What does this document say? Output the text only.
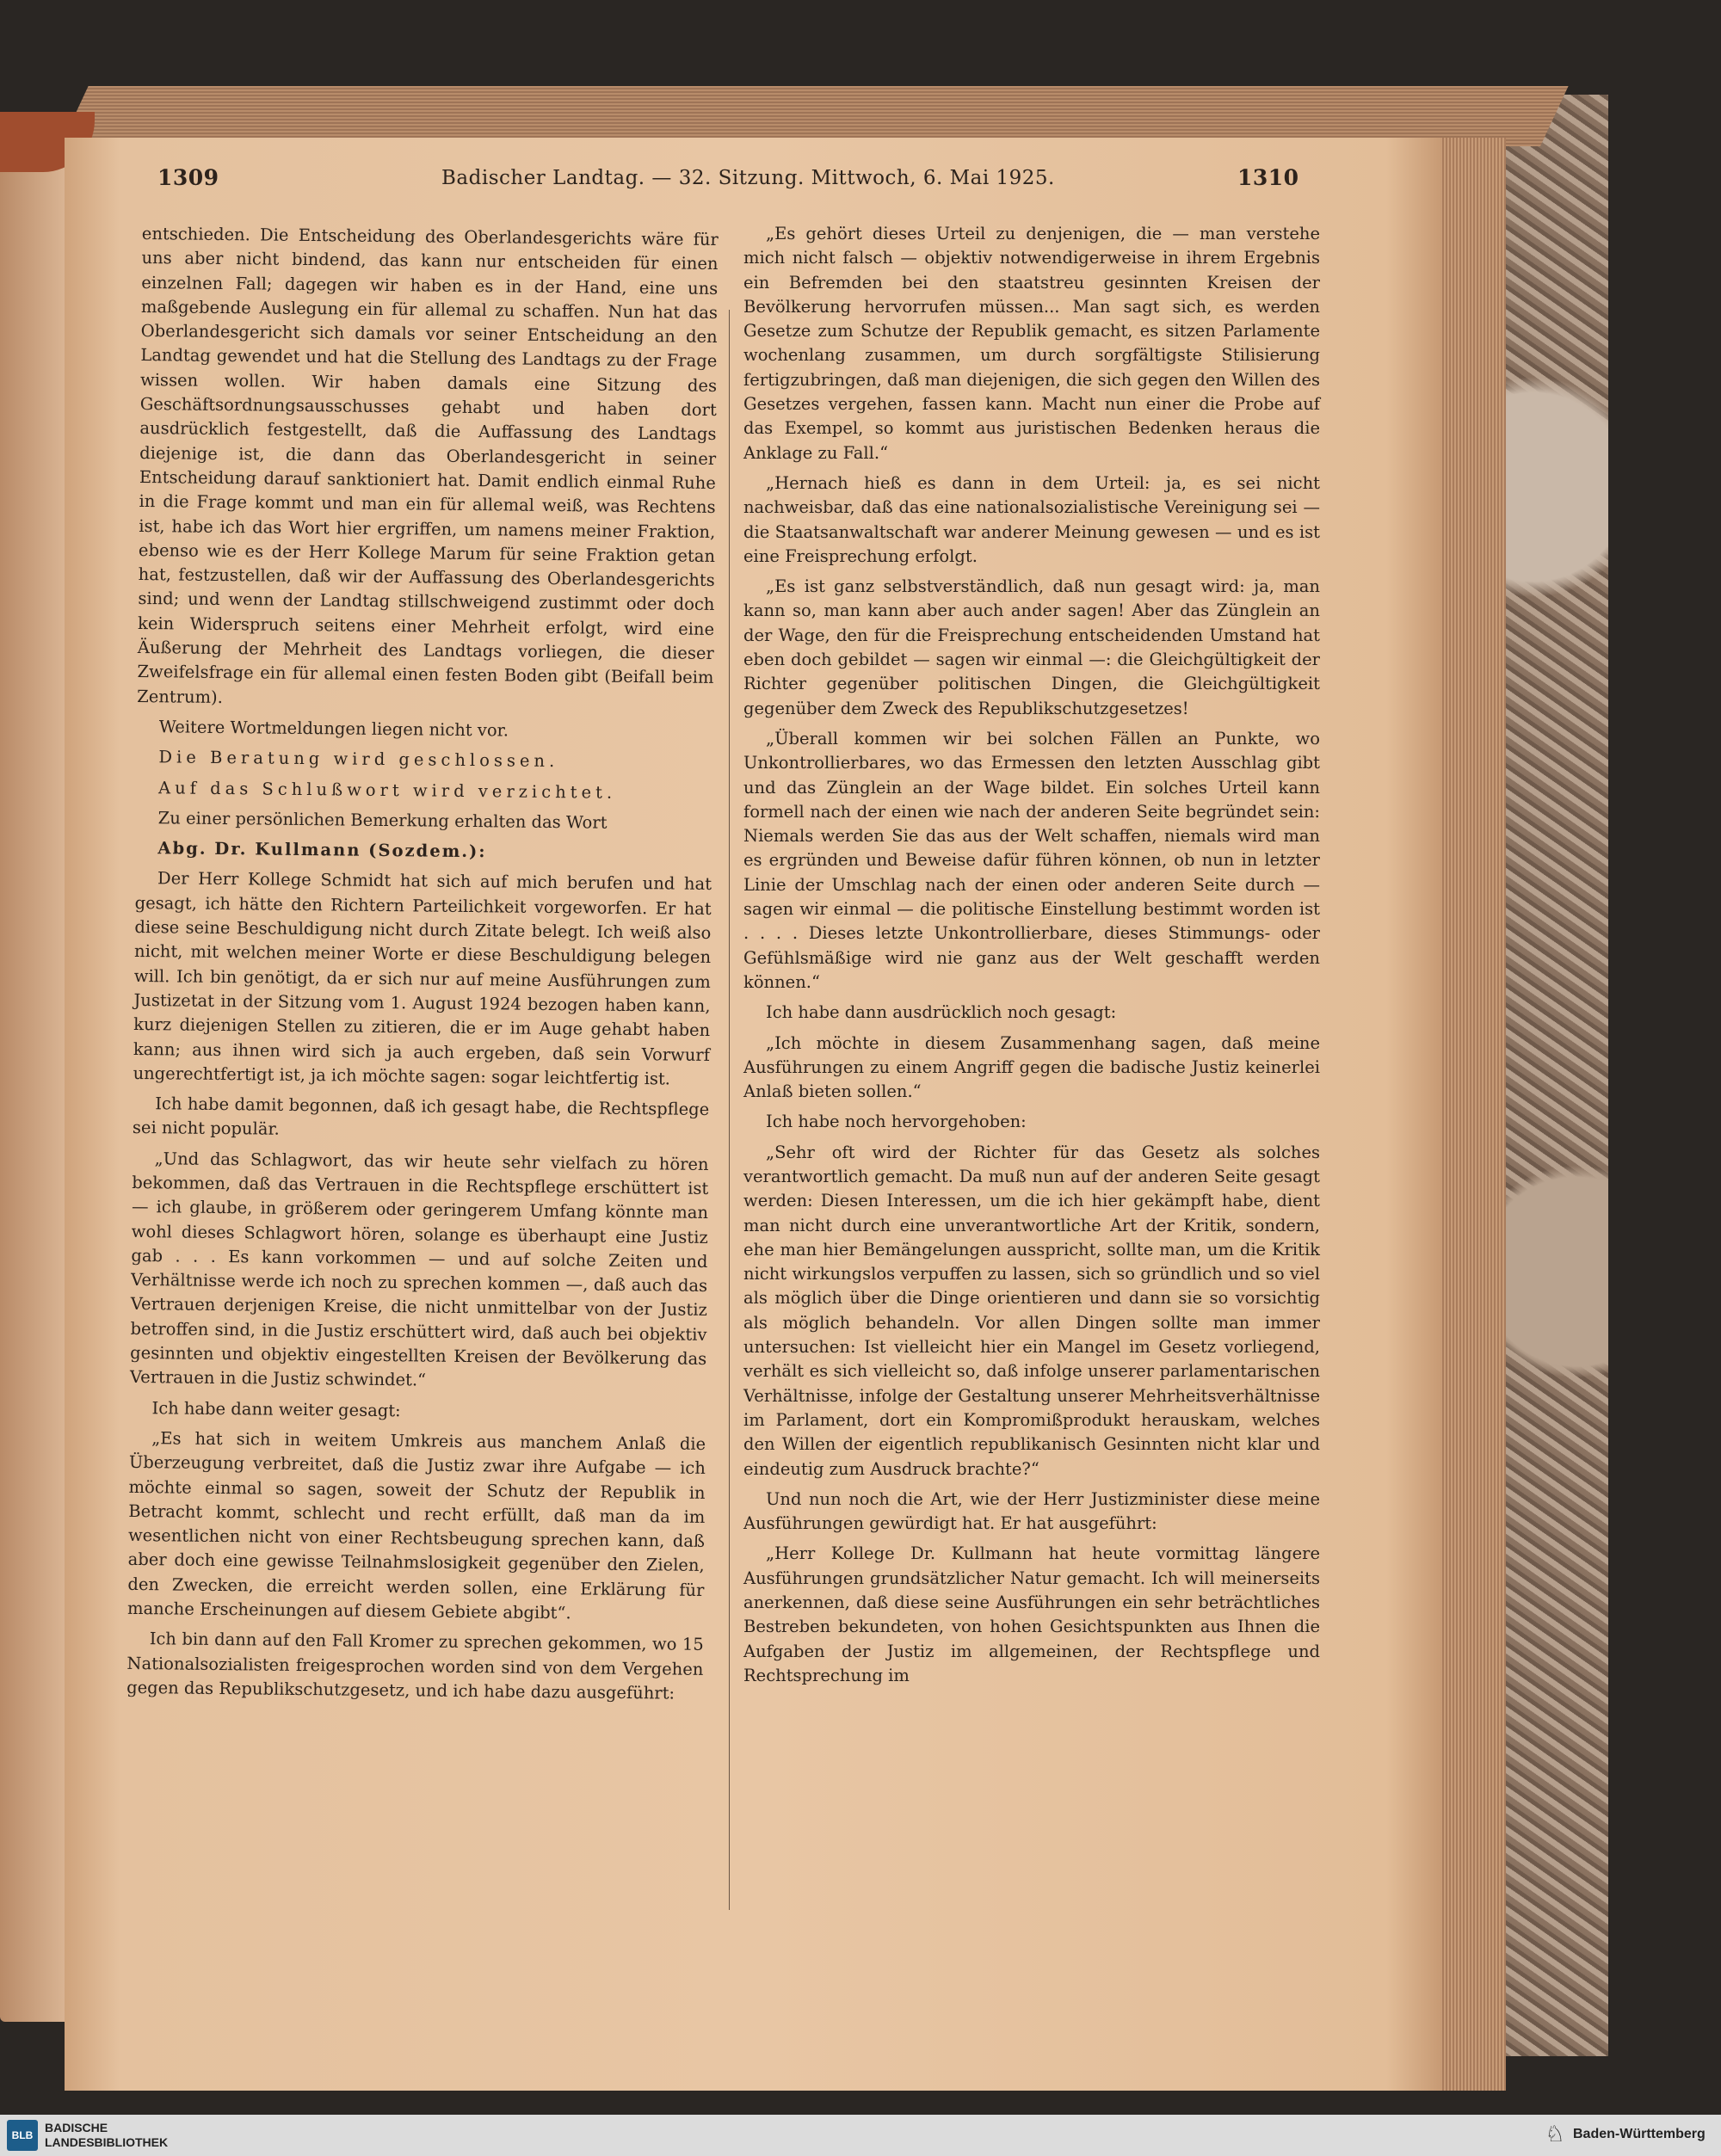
1309	Badischer Landtag. — 32. Sitzung. Mittwoch, 6. Mai 1925.	1310

entschieden. Die Entscheidung des Oberlandesgerichts wäre für uns aber nicht bindend, das kann nur entscheiden für einen einzelnen Fall; dagegen wir haben es in der Hand, eine uns maßgebende Auslegung ein für allemal zu schaffen. Nun hat das Oberlandesgericht sich damals vor seiner Entscheidung an den Landtag gewendet und hat die Stellung des Landtags zu der Frage wissen wollen. Wir haben damals eine Sitzung des Geschäftsordnungsausschusses gehabt und haben dort ausdrücklich festgestellt, daß die Auffassung des Landtags diejenige ist, die dann das Oberlandesgericht in seiner Entscheidung darauf sanktioniert hat. Damit endlich einmal Ruhe in die Frage kommt und man ein für allemal weiß, was Rechtens ist, habe ich das Wort hier ergriffen, um namens meiner Fraktion, ebenso wie es der Herr Kollege Marum für seine Fraktion getan hat, festzustellen, daß wir der Auffassung des Oberlandesgerichts sind; und wenn der Landtag stillschweigend zustimmt oder doch kein Widerspruch seitens einer Mehrheit erfolgt, wird eine Äußerung der Mehrheit des Landtags vorliegen, die dieser Zweifelsfrage ein für allemal einen festen Boden gibt (Beifall beim Zentrum).

Weitere Wortmeldungen liegen nicht vor.

Die Beratung wird geschlossen.

Auf das Schlußwort wird verzichtet.

Zu einer persönlichen Bemerkung erhalten das Wort

Abg. Dr. Kullmann (Sozdem.):

Der Herr Kollege Schmidt hat sich auf mich berufen und hat gesagt, ich hätte den Richtern Parteilichkeit vorgeworfen. Er hat diese seine Beschuldigung nicht durch Zitate belegt. Ich weiß also nicht, mit welchen meiner Worte er diese Beschuldigung belegen will. Ich bin genötigt, da er sich nur auf meine Ausführungen zum Justizetat in der Sitzung vom 1. August 1924 bezogen haben kann, kurz diejenigen Stellen zu zitieren, die er im Auge gehabt haben kann; aus ihnen wird sich ja auch ergeben, daß sein Vorwurf ungerechtfertigt ist, ja ich möchte sagen: sogar leichtfertig ist.

Ich habe damit begonnen, daß ich gesagt habe, die Rechtspflege sei nicht populär.

„Und das Schlagwort, das wir heute sehr vielfach zu hören bekommen, daß das Vertrauen in die Rechtspflege erschüttert ist — ich glaube, in größerem oder geringerem Umfang könnte man wohl dieses Schlagwort hören, solange es überhaupt eine Justiz gab . . . Es kann vorkommen — und auf solche Zeiten und Verhältnisse werde ich noch zu sprechen kommen —, daß auch das Vertrauen derjenigen Kreise, die nicht unmittelbar von der Justiz betroffen sind, in die Justiz erschüttert wird, daß auch bei objektiv gesinnten und objektiv eingestellten Kreisen der Bevölkerung das Vertrauen in die Justiz schwindet.“

Ich habe dann weiter gesagt:

„Es hat sich in weitem Umkreis aus manchem Anlaß die Überzeugung verbreitet, daß die Justiz zwar ihre Aufgabe — ich möchte einmal so sagen, soweit der Schutz der Republik in Betracht kommt, schlecht und recht erfüllt, daß man da im wesentlichen nicht von einer Rechtsbeugung sprechen kann, daß aber doch eine gewisse Teilnahmslosigkeit gegenüber den Zielen, den Zwecken, die erreicht werden sollen, eine Erklärung für manche Erscheinungen auf diesem Gebiete abgibt“.

Ich bin dann auf den Fall Kromer zu sprechen gekommen, wo 15 Nationalsozialisten freigesprochen worden sind von dem Vergehen gegen das Republikschutzgesetz, und ich habe dazu ausgeführt:

„Es gehört dieses Urteil zu denjenigen, die — man verstehe mich nicht falsch — objektiv notwendigerweise in ihrem Ergebnis ein Befremden bei den staatstreu gesinnten Kreisen der Bevölkerung hervorrufen müssen... Man sagt sich, es werden Gesetze zum Schutze der Republik gemacht, es sitzen Parlamente wochenlang zusammen, um durch sorgfältigste Stilisierung fertigzubringen, daß man diejenigen, die sich gegen den Willen des Gesetzes vergehen, fassen kann. Macht nun einer die Probe auf das Exempel, so kommt aus juristischen Bedenken heraus die Anklage zu Fall.“

„Hernach hieß es dann in dem Urteil: ja, es sei nicht nachweisbar, daß das eine nationalsozialistische Vereinigung sei — die Staatsanwaltschaft war anderer Meinung gewesen — und es ist eine Freisprechung erfolgt.

„Es ist ganz selbstverständlich, daß nun gesagt wird: ja, man kann so, man kann aber auch ander sagen! Aber das Zünglein an der Wage, den für die Freisprechung entscheidenden Umstand hat eben doch gebildet — sagen wir einmal —: die Gleichgültigkeit der Richter gegenüber politischen Dingen, die Gleichgültigkeit gegenüber dem Zweck des Republikschutzgesetzes!

„Überall kommen wir bei solchen Fällen an Punkte, wo Unkontrollierbares, wo das Ermessen den letzten Ausschlag gibt und das Zünglein an der Wage bildet. Ein solches Urteil kann formell nach der einen wie nach der anderen Seite begründet sein: Niemals werden Sie das aus der Welt schaffen, niemals wird man es ergründen und Beweise dafür führen können, ob nun in letzter Linie der Umschlag nach der einen oder anderen Seite durch — sagen wir einmal — die politische Einstellung bestimmt worden ist . . . . Dieses letzte Unkontrollierbare, dieses Stimmungs- oder Gefühlsmäßige wird nie ganz aus der Welt geschafft werden können.“

Ich habe dann ausdrücklich noch gesagt:

„Ich möchte in diesem Zusammenhang sagen, daß meine Ausführungen zu einem Angriff gegen die badische Justiz keinerlei Anlaß bieten sollen.“

Ich habe noch hervorgehoben:

„Sehr oft wird der Richter für das Gesetz als solches verantwortlich gemacht. Da muß nun auf der anderen Seite gesagt werden: Diesen Interessen, um die ich hier gekämpft habe, dient man nicht durch eine unverantwortliche Art der Kritik, sondern, ehe man hier Bemängelungen ausspricht, sollte man, um die Kritik nicht wirkungslos verpuffen zu lassen, sich so gründlich und so viel als möglich über die Dinge orientieren und dann sie so vorsichtig als möglich behandeln. Vor allen Dingen sollte man immer untersuchen: Ist vielleicht hier ein Mangel im Gesetz vorliegend, verhält es sich vielleicht so, daß infolge unserer parlamentarischen Verhältnisse, infolge der Gestaltung unserer Mehrheitsverhältnisse im Parlament, dort ein Kompromißprodukt herauskam, welches den Willen der eigentlich republikanisch Gesinnten nicht klar und eindeutig zum Ausdruck brachte?“

Und nun noch die Art, wie der Herr Justizminister diese meine Ausführungen gewürdigt hat. Er hat ausgeführt:

„Herr Kollege Dr. Kullmann hat heute vormittag längere Ausführungen grundsätzlicher Natur gemacht. Ich will meinerseits anerkennen, daß diese seine Ausführungen ein sehr beträchtliches Bestreben bekundeten, von hohen Gesichtspunkten aus Ihnen die Aufgaben der Justiz im allgemeinen, der Rechtspflege und Rechtsprechung im

BLB
BADISCHE
LANDESBIBLIOTHEK	♘ Baden-Württemberg
